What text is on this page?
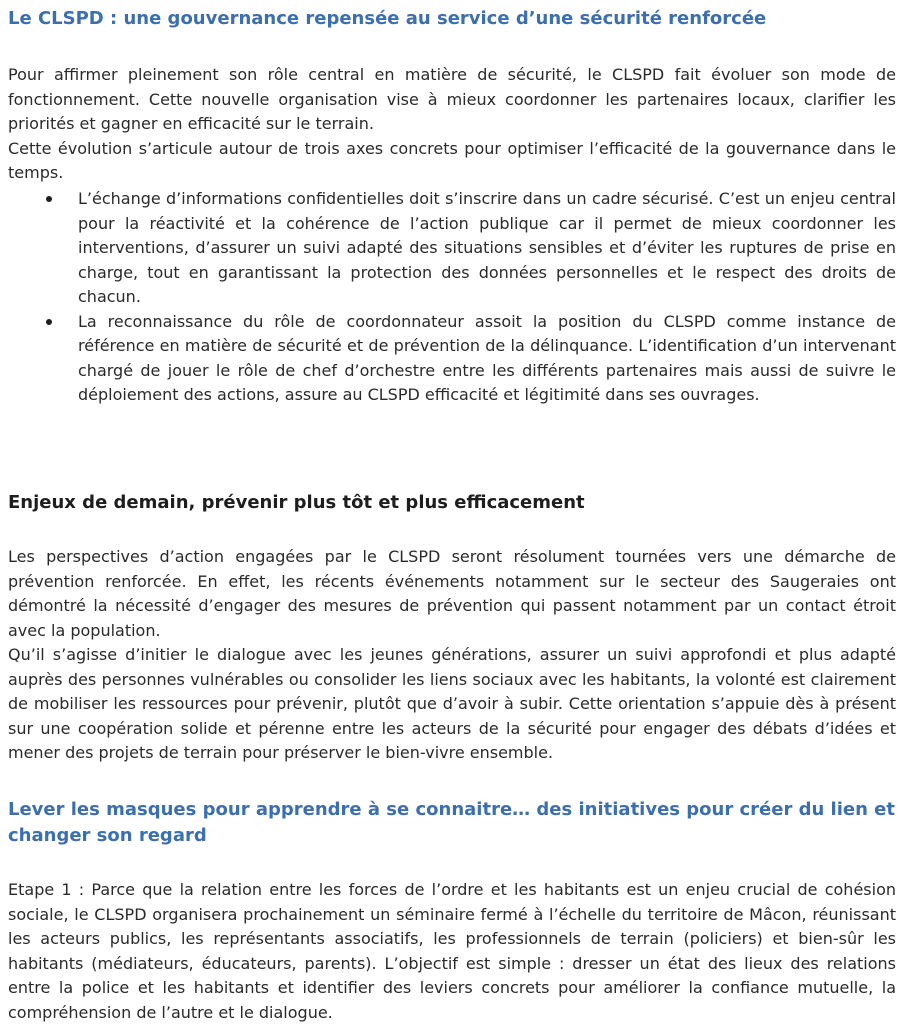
Le CLSPD : une gouvernance repensée au service d’une sécurité renforcée

Pour affirmer pleinement son rôle central en matière de sécurité, le CLSPD fait évoluer son mode de fonctionnement. Cette nouvelle organisation vise à mieux coordonner les partenaires locaux, clarifier les priorités et gagner en efficacité sur le terrain.

Cette évolution s’articule autour de trois axes concrets pour optimiser l’efficacité de la gouvernance dans le temps.

L’échange d’informations confidentielles doit s’inscrire dans un cadre sécurisé. C’est un enjeu central pour la réactivité et la cohérence de l’action publique car il permet de mieux coordonner les interventions, d’assurer un suivi adapté des situations sensibles et d’éviter les ruptures de prise en charge, tout en garantissant la protection des données personnelles et le respect des droits de chacun.
La reconnaissance du rôle de coordonnateur assoit la position du CLSPD comme instance de référence en matière de sécurité et de prévention de la délinquance. L’identification d’un intervenant chargé de jouer le rôle de chef d’orchestre entre les différents partenaires mais aussi de suivre le déploiement des actions, assure au CLSPD efficacité et légitimité dans ses ouvrages.
Enjeux de demain, prévenir plus tôt et plus efficacement

Les perspectives d’action engagées par le CLSPD seront résolument tournées vers une démarche de prévention renforcée. En effet, les récents événements notamment sur le secteur des Saugeraies ont démontré la nécessité d’engager des mesures de prévention qui passent notamment par un contact étroit avec la population.

Qu’il s’agisse d’initier le dialogue avec les jeunes générations, assurer un suivi approfondi et plus adapté auprès des personnes vulnérables ou consolider les liens sociaux avec les habitants, la volonté est clairement de mobiliser les ressources pour prévenir, plutôt que d’avoir à subir. Cette orientation s’appuie dès à présent sur une coopération solide et pérenne entre les acteurs de la sécurité pour engager des débats d’idées et mener des projets de terrain pour préserver le bien-vivre ensemble.

Lever les masques pour apprendre à se connaitre… des initiatives pour créer du lien et changer son regard

Etape 1 : Parce que la relation entre les forces de l’ordre et les habitants est un enjeu crucial de cohésion sociale, le CLSPD organisera prochainement un séminaire fermé à l’échelle du territoire de Mâcon, réunissant les acteurs publics, les représentants associatifs, les professionnels de terrain (policiers) et bien-sûr les habitants (médiateurs, éducateurs, parents). L’objectif est simple : dresser un état des lieux des relations entre la police et les habitants et identifier des leviers concrets pour améliorer la confiance mutuelle, la compréhension de l’autre et le dialogue.
